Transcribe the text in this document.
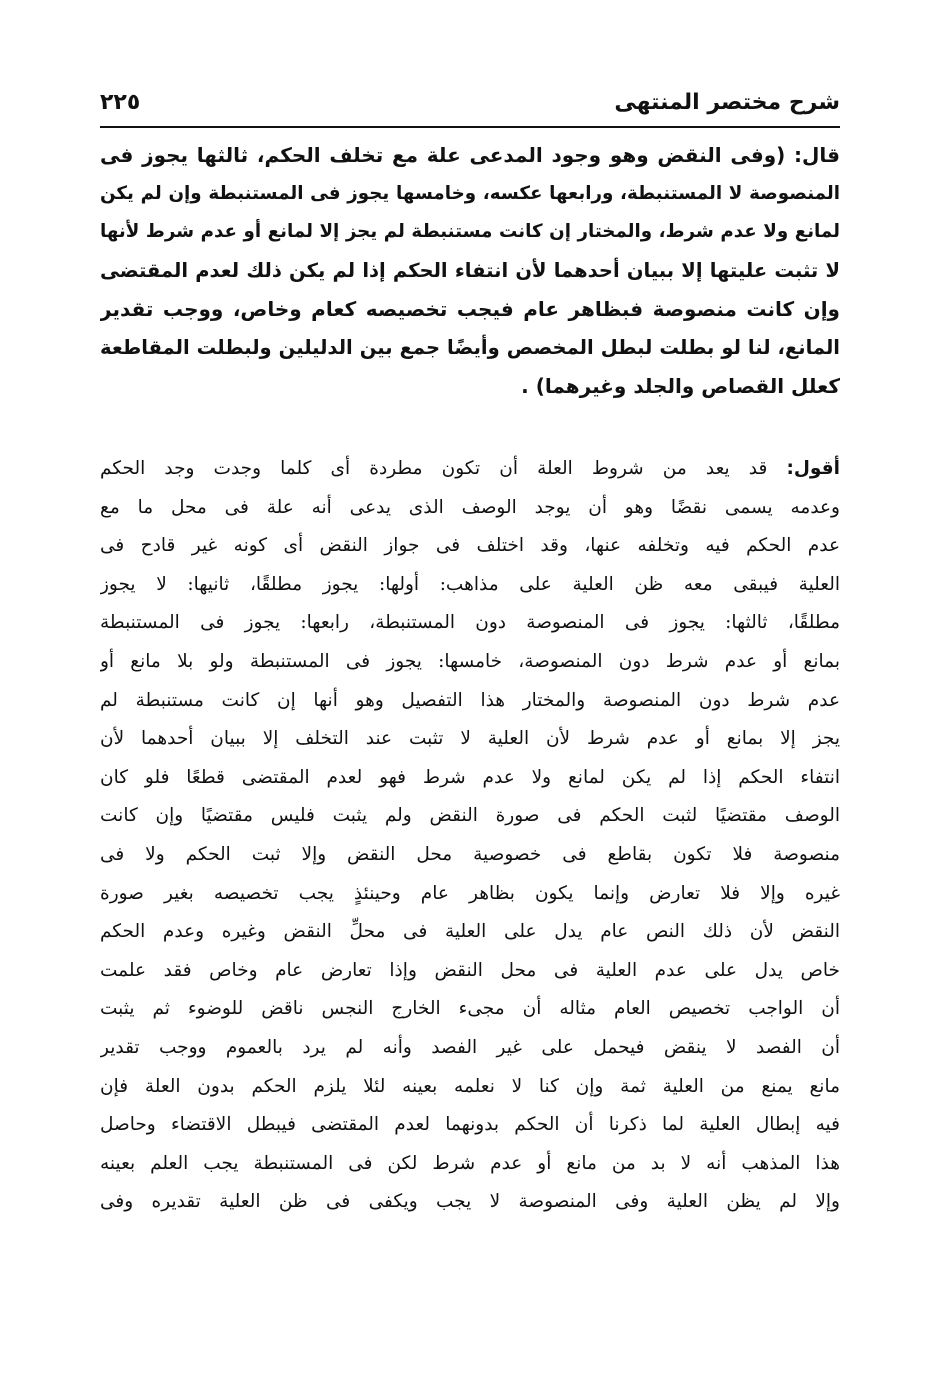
شرح مختصر المنتهى
٢٢٥
قال: (وفى النقض وهو وجود المدعى علة مع تخلف الحكم، ثالثها يجوز فى
المنصوصة لا المستنبطة، ورابعها عكسه، وخامسها يجوز فى المستنبطة وإن لم يكن
لمانع ولا عدم شرط، والمختار إن كانت مستنبطة لم يجز إلا لمانع أو عدم شرط لأنها
لا تثبت عليتها إلا ببيان أحدهما لأن انتفاء الحكم إذا لم يكن ذلك لعدم المقتضى
وإن كانت منصوصة فبظاهر عام فيجب تخصيصه كعام وخاص، ووجب تقدير
المانع، لنا لو بطلت لبطل المخصص وأيضًا جمع بين الدليلين ولبطلت المقاطعة
كعلل القصاص والجلد وغيرهما) .
أقول: قد يعد من شروط العلة أن تكون مطردة أى كلما وجدت وجد الحكم
وعدمه يسمى نقضًا وهو أن يوجد الوصف الذى يدعى أنه علة فى محل ما مع
عدم الحكم فيه وتخلفه عنها، وقد اختلف فى جواز النقض أى كونه غير قادح فى
العلية فيبقى معه ظن العلية على مذاهب: أولها: يجوز مطلقًا، ثانيها: لا يجوز
مطلقًا، ثالثها: يجوز فى المنصوصة دون المستنبطة، رابعها: يجوز فى المستنبطة
بمانع أو عدم شرط دون المنصوصة، خامسها: يجوز فى المستنبطة ولو بلا مانع أو
عدم شرط دون المنصوصة والمختار هذا التفصيل وهو أنها إن كانت مستنبطة لم
يجز إلا بمانع أو عدم شرط لأن العلية لا تثبت عند التخلف إلا ببيان أحدهما لأن
انتفاء الحكم إذا لم يكن لمانع ولا عدم شرط فهو لعدم المقتضى قطعًا فلو كان
الوصف مقتضيًا لثبت الحكم فى صورة النقض ولم يثبت فليس مقتضيًا وإن كانت
منصوصة فلا تكون بقاطع فى خصوصية محل النقض وإلا ثبت الحكم ولا فى
غيره وإلا فلا تعارض وإنما يكون بظاهر عام وحينئذٍ يجب تخصيصه بغير صورة
النقض لأن ذلك النص عام يدل على العلية فى محلِّ النقض وغيره وعدم الحكم
خاص يدل على عدم العلية فى محل النقض وإذا تعارض عام وخاص فقد علمت
أن الواجب تخصيص العام مثاله أن مجىء الخارج النجس ناقض للوضوء ثم يثبت
أن الفصد لا ينقض فيحمل على غير الفصد وأنه لم يرد بالعموم ووجب تقدير
مانع يمنع من العلية ثمة وإن كنا لا نعلمه بعينه لئلا يلزم الحكم بدون العلة فإن
فيه إبطال العلية لما ذكرنا أن الحكم بدونهما لعدم المقتضى فيبطل الاقتضاء وحاصل
هذا المذهب أنه لا بد من مانع أو عدم شرط لكن فى المستنبطة يجب العلم بعينه
وإلا لم يظن العلية وفى المنصوصة لا يجب ويكفى فى ظن العلية تقديره وفى
